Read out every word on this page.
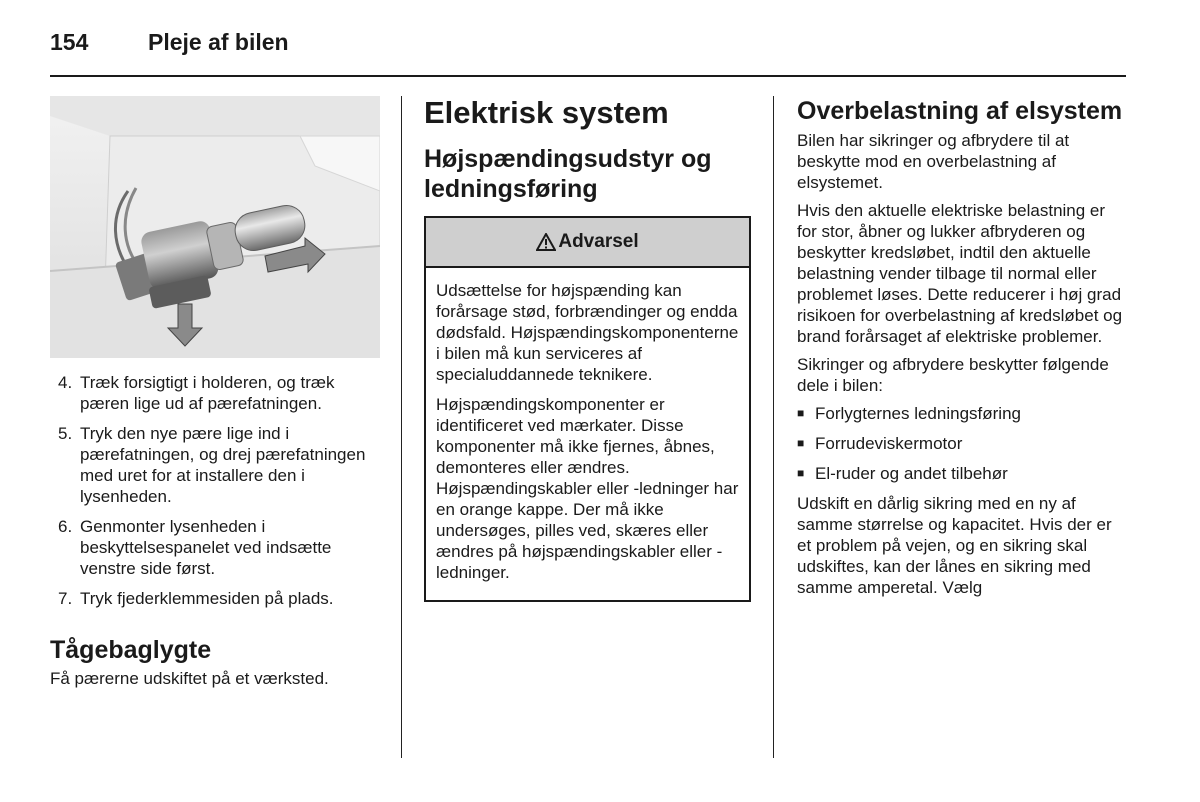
154	Pleje af bilen
4. Træk forsigtigt i holderen, og træk pæren lige ud af pærefatningen.
5. Tryk den nye pære lige ind i pærefatningen, og drej pærefatningen med uret for at installere den i lysenheden.
6. Genmonter lysenheden i beskyttelsespanelet ved indsætte venstre side først.
7. Tryk fjederklemmesiden på plads.
Tågebaglygte

Få pærerne udskiftet på et værksted.

Elektrisk system
Højspændingsudstyr og ledningsføring
Advarsel

Udsættelse for højspænding kan forårsage stød, forbrændinger og endda dødsfald. Højspændingskomponenterne i bilen må kun serviceres af specialuddannede teknikere.

Højspændingskomponenter er identificeret ved mærkater. Disse komponenter må ikke fjernes, åbnes, demonteres eller ændres. Højspændingskabler eller -ledninger har en orange kappe. Der må ikke undersøges, pilles ved, skæres eller ændres på højspændingskabler eller -ledninger.

Overbelastning af elsystem

Bilen har sikringer og afbrydere til at beskytte mod en overbelastning af elsystemet.

Hvis den aktuelle elektriske belastning er for stor, åbner og lukker afbryderen og beskytter kredsløbet, indtil den aktuelle belastning vender tilbage til normal eller problemet løses. Dette reducerer i høj grad risikoen for overbelastning af kredsløbet og brand forårsaget af elektriske problemer.

Sikringer og afbrydere beskytter følgende dele i bilen:

■ Forlygternes ledningsføring
■ Forrudeviskermotor
■ El-ruder og andet tilbehør

Udskift en dårlig sikring med en ny af samme størrelse og kapacitet. Hvis der er et problem på vejen, og en sikring skal udskiftes, kan der lånes en sikring med samme amperetal. Vælg
